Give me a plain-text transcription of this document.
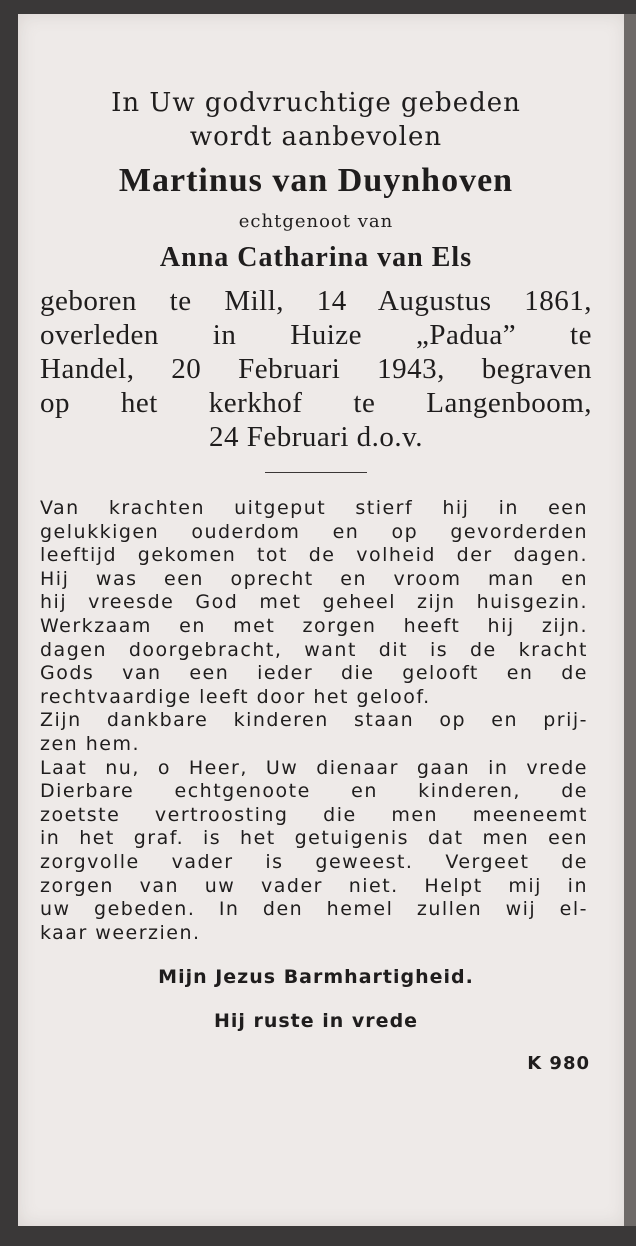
In Uw godvruchtige gebeden

wordt aanbevolen

Martinus van Duynhoven

echtgenoot van

Anna Catharina van Els

geboren te Mill, 14 Augustus 1861,

overleden in Huize „Padua” te

Handel, 20 Februari 1943, begraven

op het kerkhof te Langenboom,

24 Februari d.o.v.

Van krachten uitgeput stierf hij in een
gelukkigen ouderdom en op gevorderden
leeftijd gekomen tot de volheid der dagen.
Hij was een oprecht en vroom man en
hij vreesde God met geheel zijn huisgezin.
Werkzaam en met zorgen heeft hij zijn.
dagen doorgebracht, want dit is de kracht
Gods van een ieder die gelooft en de
rechtvaardige leeft door het geloof.
Zijn dankbare kinderen staan op en prij-
zen hem.
Laat nu, o Heer, Uw dienaar gaan in vrede
Dierbare echtgenoote en kinderen, de
zoetste vertroosting die men meeneemt
in het graf. is het getuigenis dat men een
zorgvolle vader is geweest. Vergeet de
zorgen van uw vader niet. Helpt mij in
uw gebeden. In den hemel zullen wij el-
kaar weerzien.
Mijn Jezus Barmhartigheid.
Hij ruste in vrede
K 980
